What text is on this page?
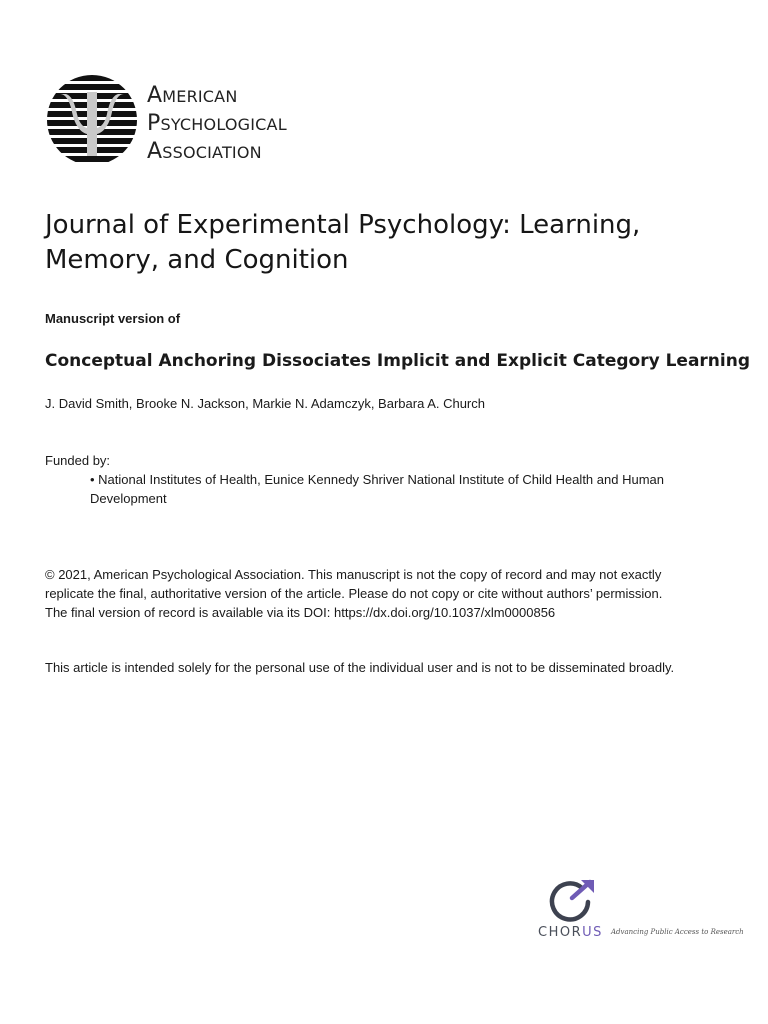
AMERICAN
PSYCHOLOGICAL
ASSOCIATION
Journal of Experimental Psychology: Learning, Memory, and Cognition

Manuscript version of

Conceptual Anchoring Dissociates Implicit and Explicit Category Learning

J. David Smith, Brooke N. Jackson, Markie N. Adamczyk, Barbara A. Church

Funded by:

• National Institutes of Health, Eunice Kennedy Shriver National Institute of Child Health and Human Development

© 2021, American Psychological Association. This manuscript is not the copy of record and may not exactly
replicate the final, authoritative version of the article. Please do not copy or cite without authors’ permission.
The final version of record is available via its DOI: https://dx.doi.org/10.1037/xlm0000856

This article is intended solely for the personal use of the individual user and is not to be disseminated broadly.

CHORUS Advancing Public Access to Research
